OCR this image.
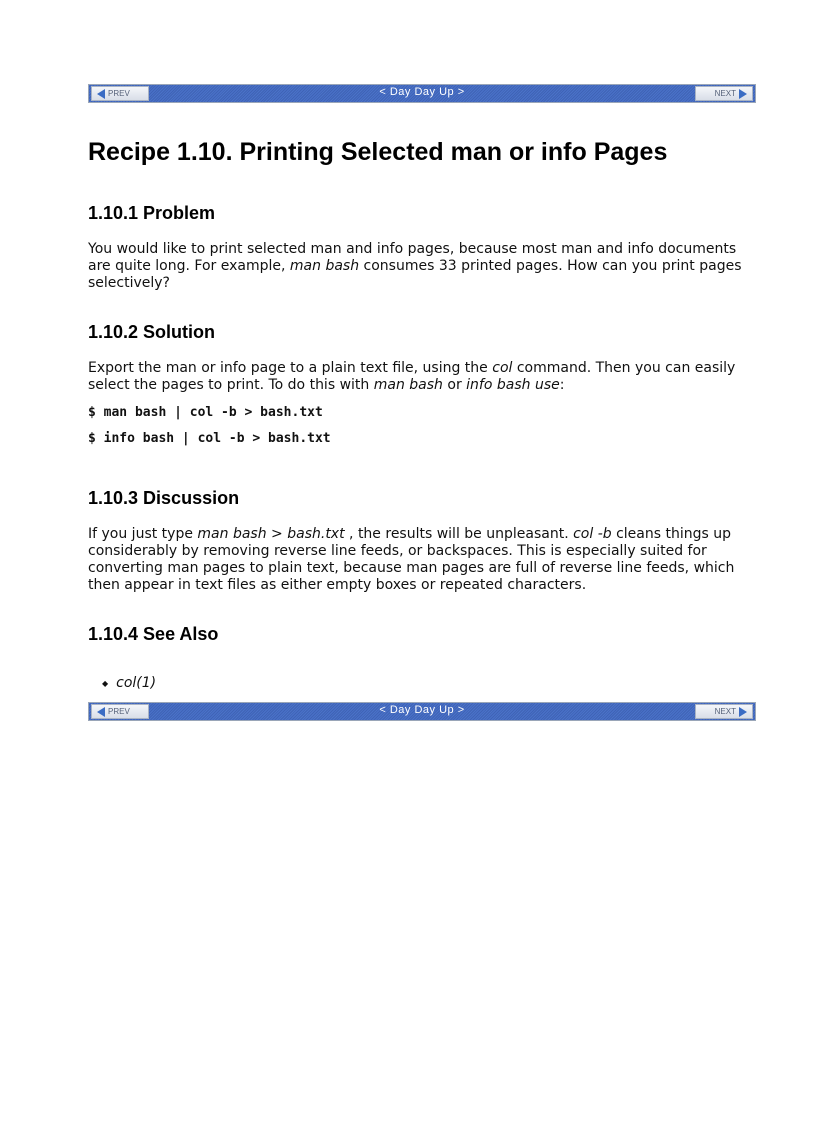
PREV	< Day Day Up >	NEXT
Recipe 1.10. Printing Selected man or info Pages
1.10.1 Problem

You would like to print selected man and info pages, because most man and info documents are quite long. For example, man bash consumes 33 printed pages. How can you print pages selectively?

1.10.2 Solution

Export the man or info page to a plain text file, using the col command. Then you can easily select the pages to print. To do this with man bash or info bash use:

$ man bash | col -b > bash.txt
$ info bash | col -b > bash.txt
1.10.3 Discussion

If you just type man bash > bash.txt , the results will be unpleasant. col -b cleans things up considerably by removing reverse line feeds, or backspaces. This is especially suited for converting man pages to plain text, because man pages are full of reverse line feeds, which then appear in text files as either empty boxes or repeated characters.

1.10.4 See Also
◆ col(1)
PREV	< Day Day Up >	NEXT
